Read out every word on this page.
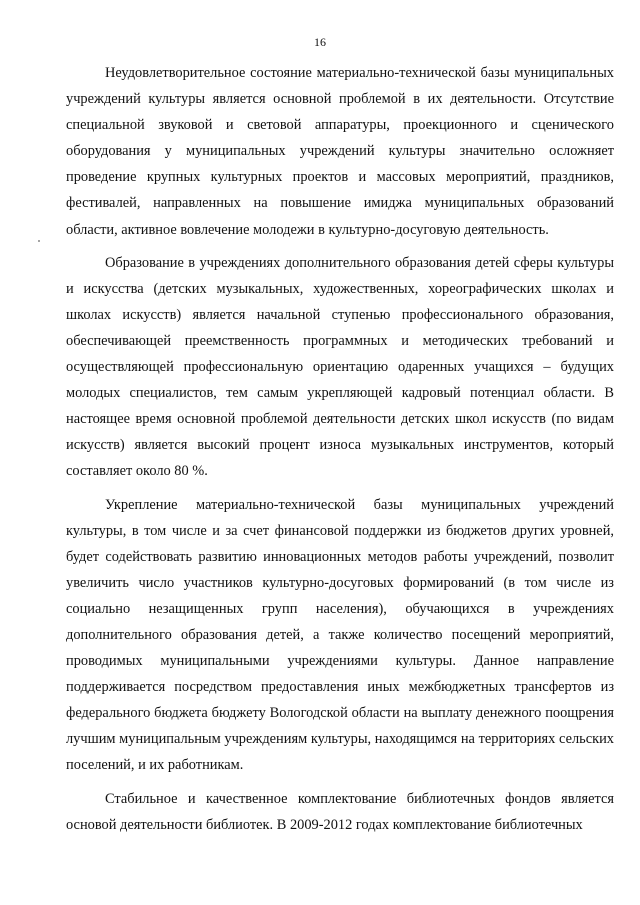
16

Неудовлетворительное состояние материально-технической базы муниципальных учреждений культуры является основной проблемой в их деятельности. Отсутствие специальной звуковой и световой аппаратуры, проекционного и сценического оборудования у муниципальных учреждений культуры значительно осложняет проведение крупных культурных проектов и массовых мероприятий, праздников, фестивалей, направленных на повышение имиджа муниципальных образований области, активное вовлечение молодежи в культурно-досуговую деятельность.

Образование в учреждениях дополнительного образования детей сферы культуры и искусства (детских музыкальных, художественных, хореографических школах и школах искусств) является начальной ступенью профессионального образования, обеспечивающей преемственность программных и методических требований и осуществляющей профессиональную ориентацию одаренных учащихся – будущих молодых специалистов, тем самым укрепляющей кадровый потенциал области. В настоящее время основной проблемой деятельности детских школ искусств (по видам искусств) является высокий процент износа музыкальных инструментов, который составляет около 80 %.

Укрепление материально-технической базы муниципальных учреждений культуры, в том числе и за счет финансовой поддержки из бюджетов других уровней, будет содействовать развитию инновационных методов работы учреждений, позволит увеличить число участников культурно-досуговых формирований (в том числе из социально незащищенных групп населения), обучающихся в учреждениях дополнительного образования детей, а также количество посещений мероприятий, проводимых муниципальными учреждениями культуры. Данное направление поддерживается посредством предоставления иных межбюджетных трансфертов из федерального бюджета бюджету Вологодской области на выплату денежного поощрения лучшим муниципальным учреждениям культуры, находящимся на территориях сельских поселений, и их работникам.

Стабильное и качественное комплектование библиотечных фондов является основой деятельности библиотек. В 2009-2012 годах комплектование библиотечных
